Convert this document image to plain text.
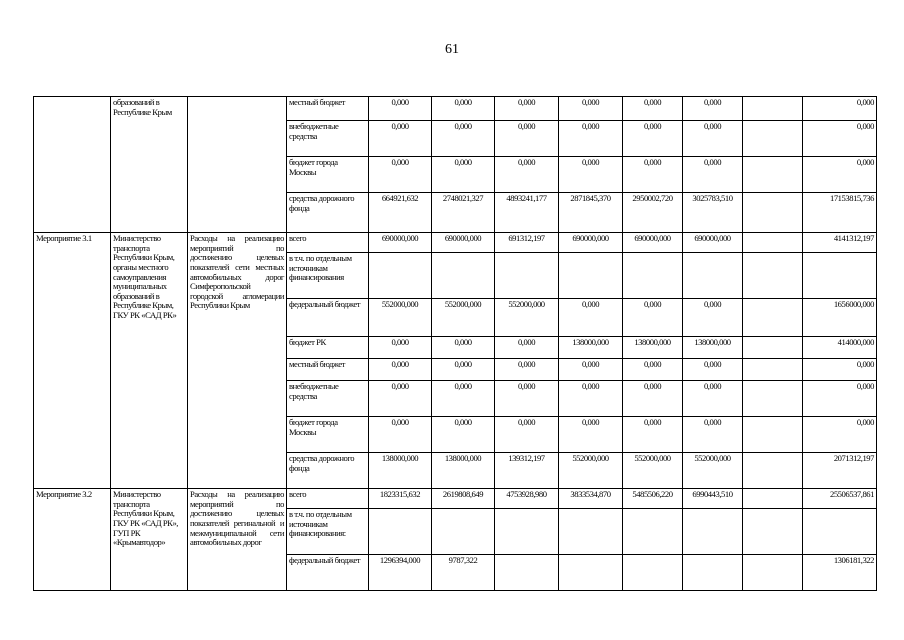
61
	образований в Республике Крым		местный бюджет	0,000	0,000	0,000	0,000	0,000	0,000		0,000
			внебюджетные средства	0,000	0,000	0,000	0,000	0,000	0,000		0,000
			бюджет города Москвы	0,000	0,000	0,000	0,000	0,000	0,000		0,000
			средства дорожного фонда	664921,632	2748021,327	4893241,177	2871845,370	2950002,720	3025783,510		17153815,736
Мероприятие 3.1	Министерство транспорта Республики Крым, органы местного самоуправления муниципальных образований в Республике Крым, ГКУ РК «САД РК»	Расходы на реализацию мероприятий по достижению целевых показателей сети местных автомобильных дорог Симферопольской городской агломерации Республики Крым	всего	690000,000	690000,000	691312,197	690000,000	690000,000	690000,000		4141312,197
			в т.ч. по отдельным источникам финансирования								
			федеральный бюджет	552000,000	552000,000	552000,000	0,000	0,000	0,000		1656000,000
			бюджет РК	0,000	0,000	0,000	138000,000	138000,000	138000,000		414000,000
			местный бюджет	0,000	0,000	0,000	0,000	0,000	0,000		0,000
			внебюджетные средства	0,000	0,000	0,000	0,000	0,000	0,000		0,000
			бюджет города Москвы	0,000	0,000	0,000	0,000	0,000	0,000		0,000
			средства дорожного фонда	138000,000	138000,000	139312,197	552000,000	552000,000	552000,000		2071312,197
Мероприятие 3.2	Министерство транспорта Республики Крым, ГКУ РК «САД РК», ГУП РК «Крымавтодор»	Расходы на реализацию мероприятий по достижению целевых показателей регинальной и межмуниципальной сети автомобильных дорог	всего	1823315,632	2619808,649	4753928,980	3833534,870	5485506,220	6990443,510		25506537,861
			в т.ч. по отдельным источникам финансирования:								
			федеральный бюджет	1296394,000	9787,322						1306181,322
